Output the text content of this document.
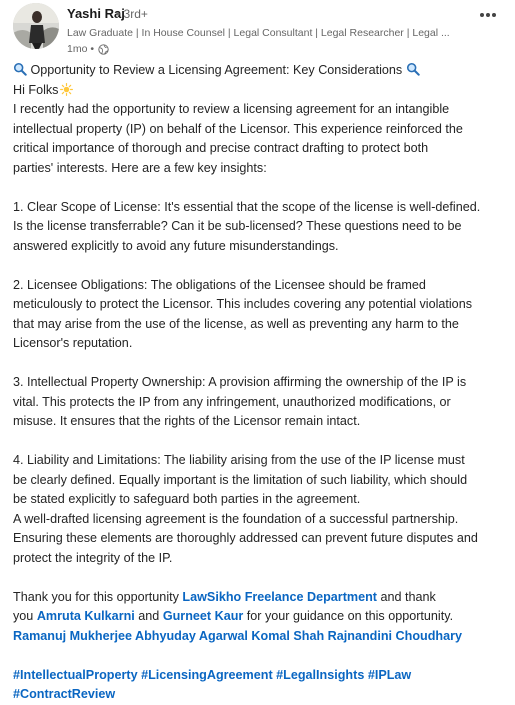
Yashi Raj
• 3rd+
Law Graduate | In House Counsel | Legal Consultant | Legal Researcher | Legal ...
1mo •
Opportunity to Review a Licensing Agreement: Key Considerations
Hi Folks
I recently had the opportunity to review a licensing agreement for an intangible
intellectual property (IP) on behalf of the Licensor. This experience reinforced the
critical importance of thorough and precise contract drafting to protect both
parties' interests. Here are a few key insights:
1. Clear Scope of License: It's essential that the scope of the license is well-defined.
Is the license transferrable? Can it be sub-licensed? These questions need to be
answered explicitly to avoid any future misunderstandings.
2. Licensee Obligations: The obligations of the Licensee should be framed
meticulously to protect the Licensor. This includes covering any potential violations
that may arise from the use of the license, as well as preventing any harm to the
Licensor's reputation.
3. Intellectual Property Ownership: A provision affirming the ownership of the IP is
vital. This protects the IP from any infringement, unauthorized modifications, or
misuse. It ensures that the rights of the Licensor remain intact.
4. Liability and Limitations: The liability arising from the use of the IP license must
be clearly defined. Equally important is the limitation of such liability, which should
be stated explicitly to safeguard both parties in the agreement.
A well-drafted licensing agreement is the foundation of a successful partnership.
Ensuring these elements are thoroughly addressed can prevent future disputes and
protect the integrity of the IP.
Thank you for this opportunity LawSikho Freelance Department and thank
you Amruta Kulkarni and Gurneet Kaur for your guidance on this opportunity.
Ramanuj Mukherjee Abhyuday Agarwal Komal Shah Rajnandini Choudhary
#IntellectualProperty #LicensingAgreement #LegalInsights #IPLaw
#ContractReview
